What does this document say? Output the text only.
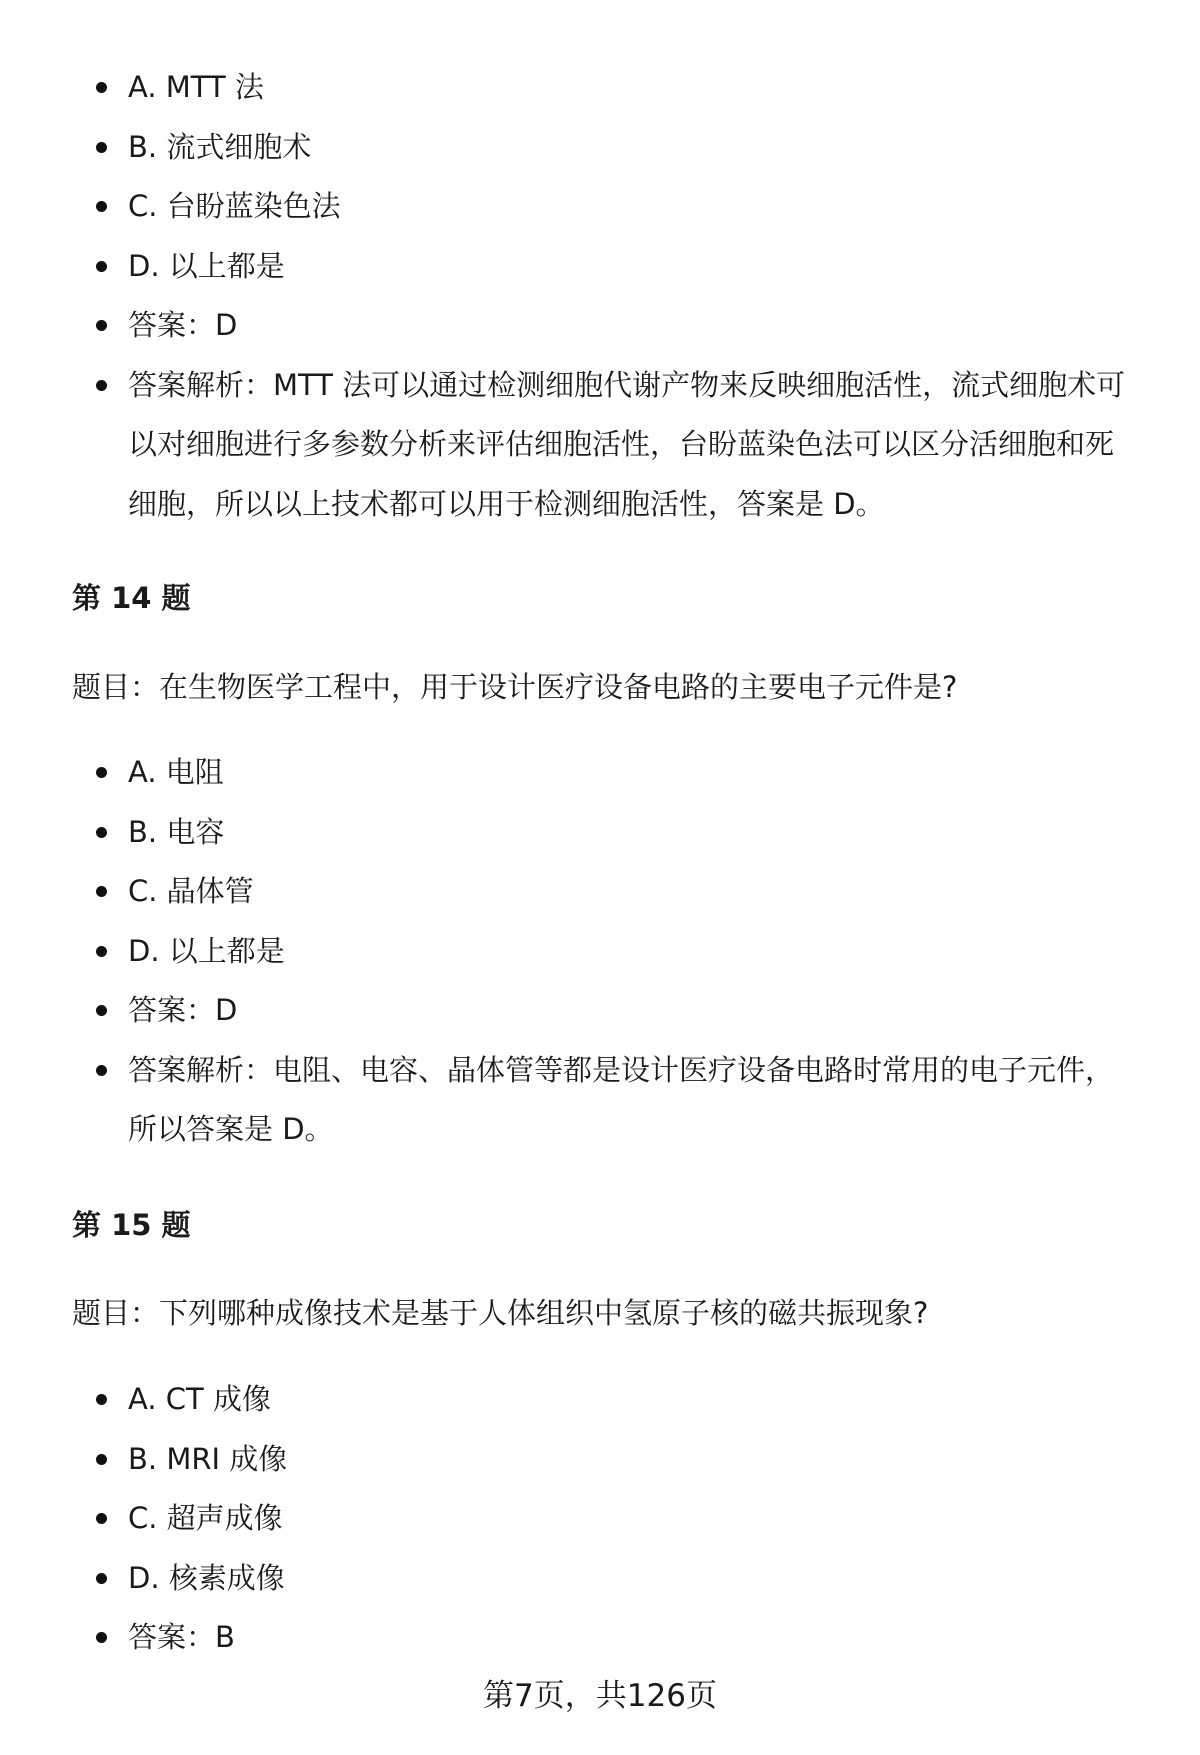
A. MTT 法
B. 流式细胞术
C. 台盼蓝染色法
D. 以上都是
答案：D
答案解析：MTT 法可以通过检测细胞代谢产物来反映细胞活性，流式细胞术可
以对细胞进行多参数分析来评估细胞活性，台盼蓝染色法可以区分活细胞和死
细胞，所以以上技术都可以用于检测细胞活性，答案是 D。
第 14 题
题目：在生物医学工程中，用于设计医疗设备电路的主要电子元件是?
A. 电阻
B. 电容
C. 晶体管
D. 以上都是
答案：D
答案解析：电阻、电容、晶体管等都是设计医疗设备电路时常用的电子元件，
所以答案是 D。
第 15 题
题目：下列哪种成像技术是基于人体组织中氢原子核的磁共振现象?
A. CT 成像
B. MRI 成像
C. 超声成像
D. 核素成像
答案：B
第7页，共126页
